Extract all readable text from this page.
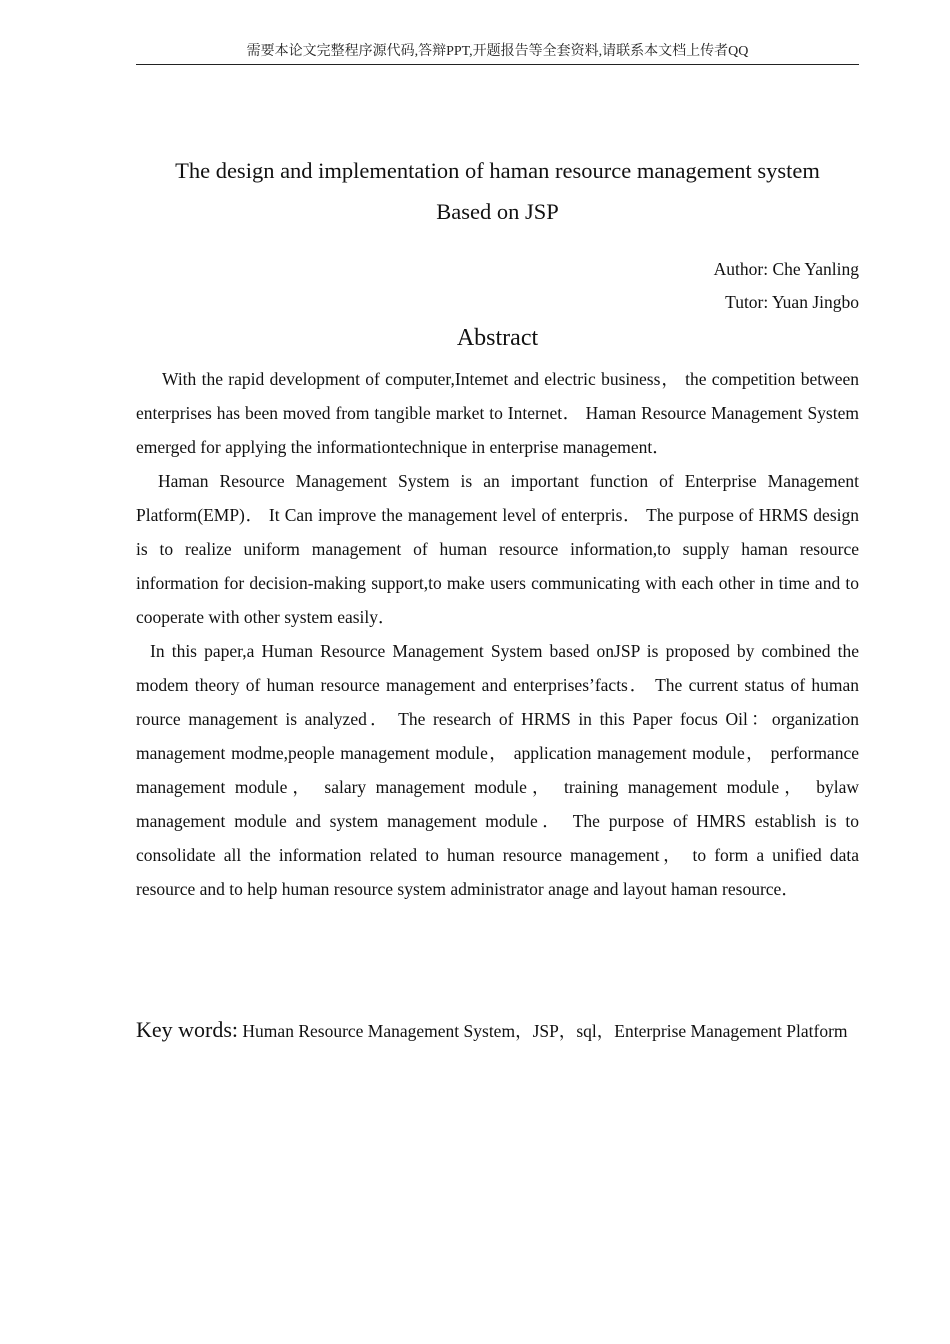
需要本论文完整程序源代码,答辩PPT,开题报告等全套资料,请联系本文档上传者QQ
The design and implementation of haman resource management system
Based on JSP
Author: Che Yanling
Tutor: Yuan Jingbo
Abstract

With the rapid development of computer,Intemet and electric business， the competition between enterprises has been moved from tangible market to Internet． Haman Resource Management System emerged for applying the informationtechnique in enterprise management．

Haman Resource Management System is an important function of Enterprise Management Platform(EMP)． It Can improve the management level of enterpris． The purpose of HRMS design is to realize uniform management of human resource information,to supply haman resource information for decision-making support,to make users communicating with each other in time and to cooperate with other system easily．

In this paper,a Human Resource Management System based onJSP is proposed by combined the modem theory of human resource management and enterprises’facts． The current status of human rource management is analyzed． The research of HRMS in this Paper focus Oil：organization management modme,people management module， application management module， performance management module， salary management module， training management module， bylaw management module and system management module． The purpose of HMRS establish is to consolidate all the information related to human resource management， to form a unified data resource and to help human resource system administrator anage and layout haman resource．

Key words: Human Resource Management System，JSP，sql，Enterprise Management Platform
